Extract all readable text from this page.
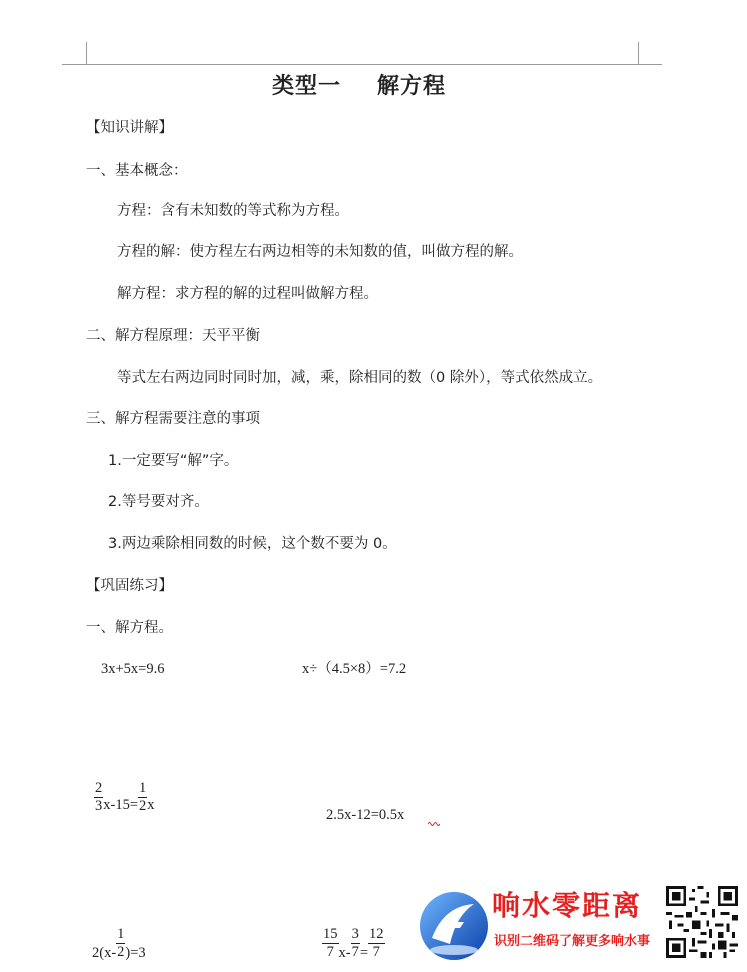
类型一 解方程
【知识讲解】
一、基本概念：
方程：含有未知数的等式称为方程。
方程的解：使方程左右两边相等的未知数的值，叫做方程的解。
解方程：求方程的解的过程叫做解方程。
二、解方程原理：天平平衡
等式左右两边同时同时加，减，乘，除相同的数（0 除外），等式依然成立。
三、解方程需要注意的事项
1.一定要写“解”字。
2.等号要对齐。
3.两边乘除相同数的时候，这个数不要为 0。
【巩固练习】
一、解方程。
3x+5x=9.6	x÷（4.5×8）=7.2
$\frac{2}{3} x-15= \frac{1}{2}$ x
2.5x-12=0.5x
$2(x- \frac{1}{2} )=3$	$\frac{15}{7} x- \frac{3}{7} = \frac{12}{7}$
响水零距离
识别二维码了解更多响水事
